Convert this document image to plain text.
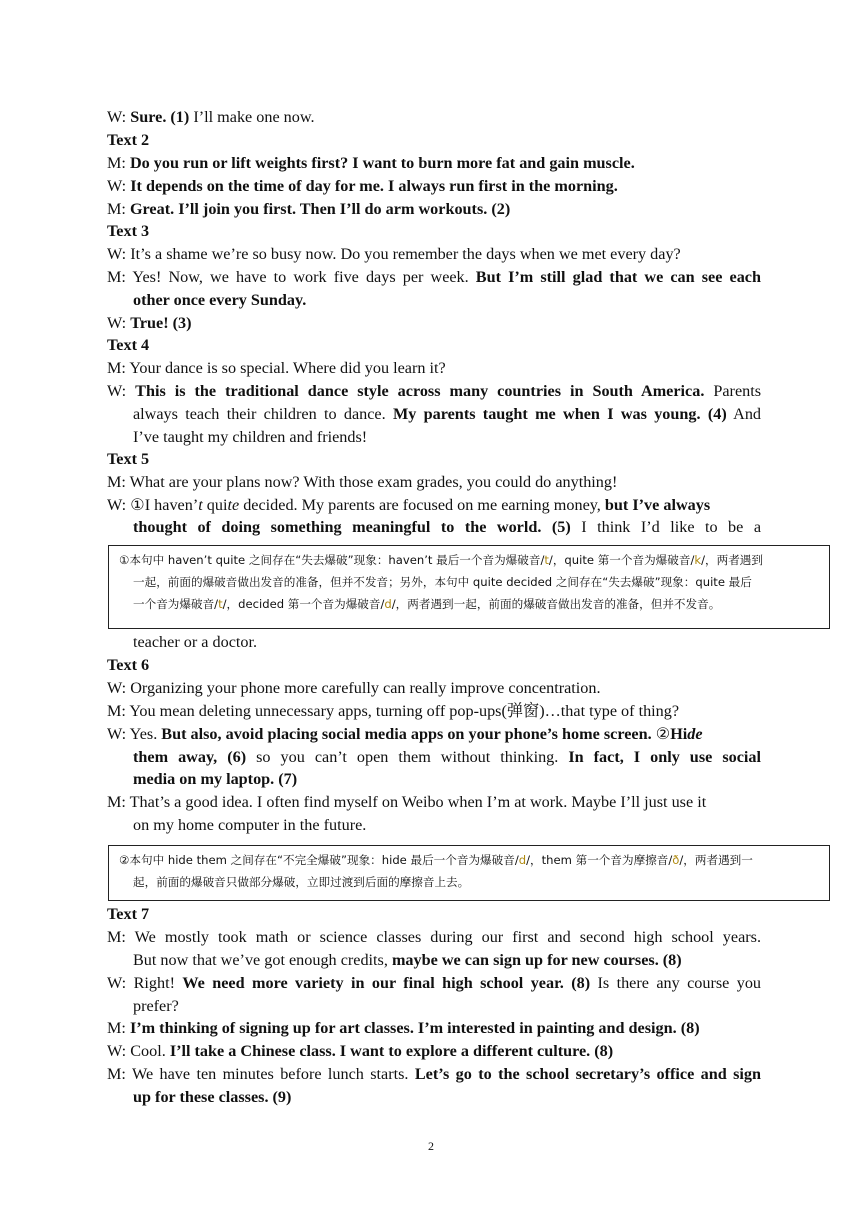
W: Sure. (1) I’ll make one now.
Text 2
M: Do you run or lift weights first? I want to burn more fat and gain muscle.
W: It depends on the time of day for me. I always run first in the morning.
M: Great. I’ll join you first. Then I’ll do arm workouts. (2)
Text 3
W: It’s a shame we’re so busy now. Do you remember the days when we met every day?
M: Yes! Now, we have to work five days per week. But I’m still glad that we can see each
other once every Sunday.
W: True! (3)
Text 4
M: Your dance is so special. Where did you learn it?
W: This is the traditional dance style across many countries in South America. Parents
always teach their children to dance. My parents taught me when I was young. (4) And
I’ve taught my children and friends!
Text 5
M: What are your plans now? With those exam grades, you could do anything!
W: ①I haven’t quite decided. My parents are focused on me earning money, but I’ve always
thought of doing something meaningful to the world. (5) I think I’d like to be a
①本句中 haven’t quite 之间存在“失去爆破”现象：haven’t 最后一个音为爆破音/t/，quite 第一个音为爆破音/k/，两者遇到
一起，前面的爆破音做出发音的准备，但并不发音；另外，本句中 quite decided 之间存在“失去爆破”现象：quite 最后
一个音为爆破音/t/，decided 第一个音为爆破音/d/，两者遇到一起，前面的爆破音做出发音的准备，但并不发音。
teacher or a doctor.
Text 6
W: Organizing your phone more carefully can really improve concentration.
M: You mean deleting unnecessary apps, turning off pop-ups(弹窗)…that type of thing?
W: Yes. But also, avoid placing social media apps on your phone’s home screen. ②Hide
them away, (6) so you can’t open them without thinking. In fact, I only use social
media on my laptop. (7)
M: That’s a good idea. I often find myself on Weibo when I’m at work. Maybe I’ll just use it
on my home computer in the future.
②本句中 hide them 之间存在“不完全爆破”现象：hide 最后一个音为爆破音/d/，them 第一个音为摩擦音/ð/，两者遇到一
起，前面的爆破音只做部分爆破，立即过渡到后面的摩擦音上去。
Text 7
M: We mostly took math or science classes during our first and second high school years.
But now that we’ve got enough credits, maybe we can sign up for new courses. (8)
W: Right! We need more variety in our final high school year. (8) Is there any course you
prefer?
M: I’m thinking of signing up for art classes. I’m interested in painting and design. (8)
W: Cool. I’ll take a Chinese class. I want to explore a different culture. (8)
M: We have ten minutes before lunch starts. Let’s go to the school secretary’s office and sign
up for these classes. (9)
2
